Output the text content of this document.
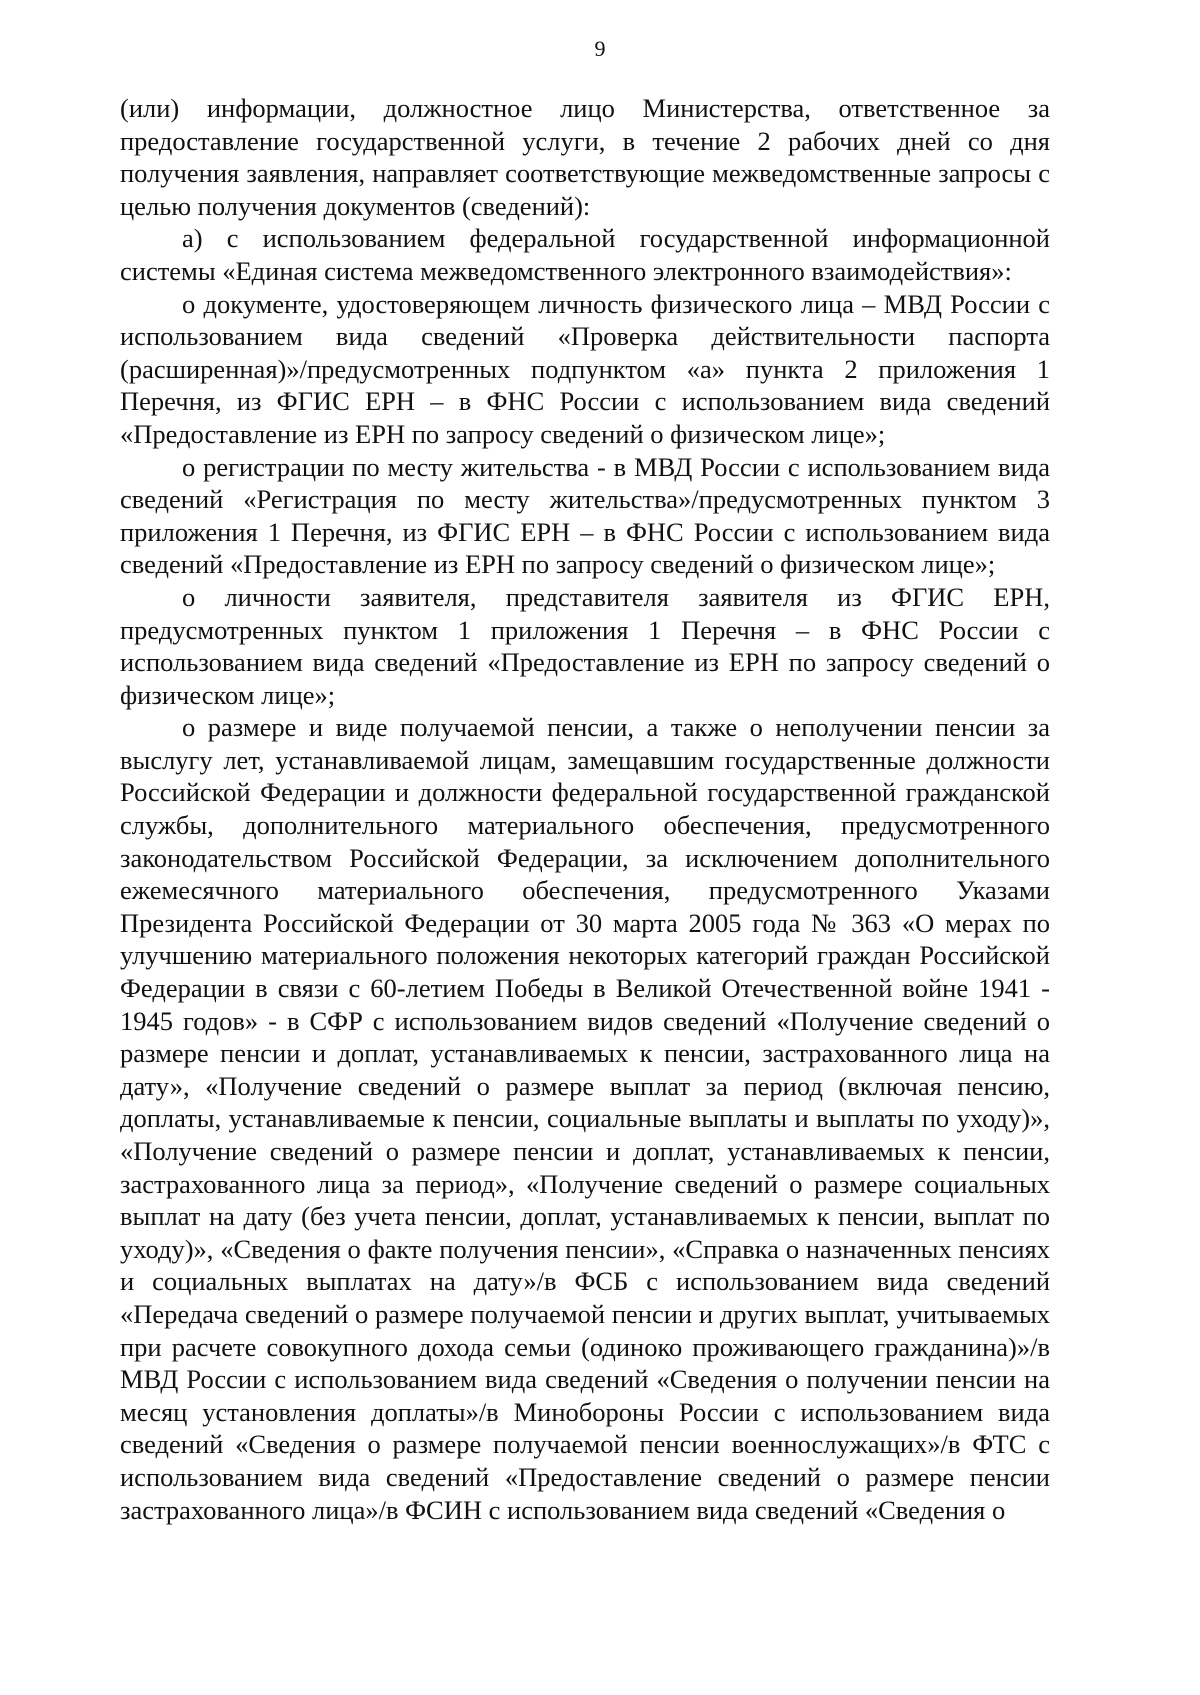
9

(или) информации, должностное лицо Министерства, ответственное за предоставление государственной услуги, в течение 2 рабочих дней со дня получения заявления, направляет соответствующие межведомственные запросы с целью получения документов (сведений):

а) с использованием федеральной государственной информационной системы «Единая система межведомственного электронного взаимодействия»:

о документе, удостоверяющем личность физического лица – МВД России с использованием вида сведений «Проверка действительности паспорта (расширенная)»/предусмотренных подпунктом «а» пункта 2 приложения 1 Перечня, из ФГИС ЕРН – в ФНС России с использованием вида сведений «Предоставление из ЕРН по запросу сведений о физическом лице»;

о регистрации по месту жительства - в МВД России с использованием вида сведений «Регистрация по месту жительства»/предусмотренных пунктом 3 приложения 1 Перечня, из ФГИС ЕРН – в ФНС России с использованием вида сведений «Предоставление из ЕРН по запросу сведений о физическом лице»;

о личности заявителя, представителя заявителя из ФГИС ЕРН, предусмотренных пунктом 1 приложения 1 Перечня – в ФНС России с использованием вида сведений «Предоставление из ЕРН по запросу сведений о физическом лице»;

о размере и виде получаемой пенсии, а также о неполучении пенсии за выслугу лет, устанавливаемой лицам, замещавшим государственные должности Российской Федерации и должности федеральной государственной гражданской службы, дополнительного материального обеспечения, предусмотренного законодательством Российской Федерации, за исключением дополнительного ежемесячного материального обеспечения, предусмотренного Указами Президента Российской Федерации от 30 марта 2005 года № 363 «О мерах по улучшению материального положения некоторых категорий граждан Российской Федерации в связи с 60-летием Победы в Великой Отечественной войне 1941 - 1945 годов» - в СФР с использованием видов сведений «Получение сведений о размере пенсии и доплат, устанавливаемых к пенсии, застрахованного лица на дату», «Получение сведений о размере выплат за период (включая пенсию, доплаты, устанавливаемые к пенсии, социальные выплаты и выплаты по уходу)», «Получение сведений о размере пенсии и доплат, устанавливаемых к пенсии, застрахованного лица за период», «Получение сведений о размере социальных выплат на дату (без учета пенсии, доплат, устанавливаемых к пенсии, выплат по уходу)», «Сведения о факте получения пенсии», «Справка о назначенных пенсиях и социальных выплатах на дату»/в ФСБ с использованием вида сведений «Передача сведений о размере получаемой пенсии и других выплат, учитываемых при расчете совокупного дохода семьи (одиноко проживающего гражданина)»/в МВД России с использованием вида сведений «Сведения о получении пенсии на месяц установления доплаты»/в Минобороны России с использованием вида сведений «Сведения о размере получаемой пенсии военнослужащих»/в ФТС с использованием вида сведений «Предоставление сведений о размере пенсии застрахованного лица»/в ФСИН с использованием вида сведений «Сведения о
